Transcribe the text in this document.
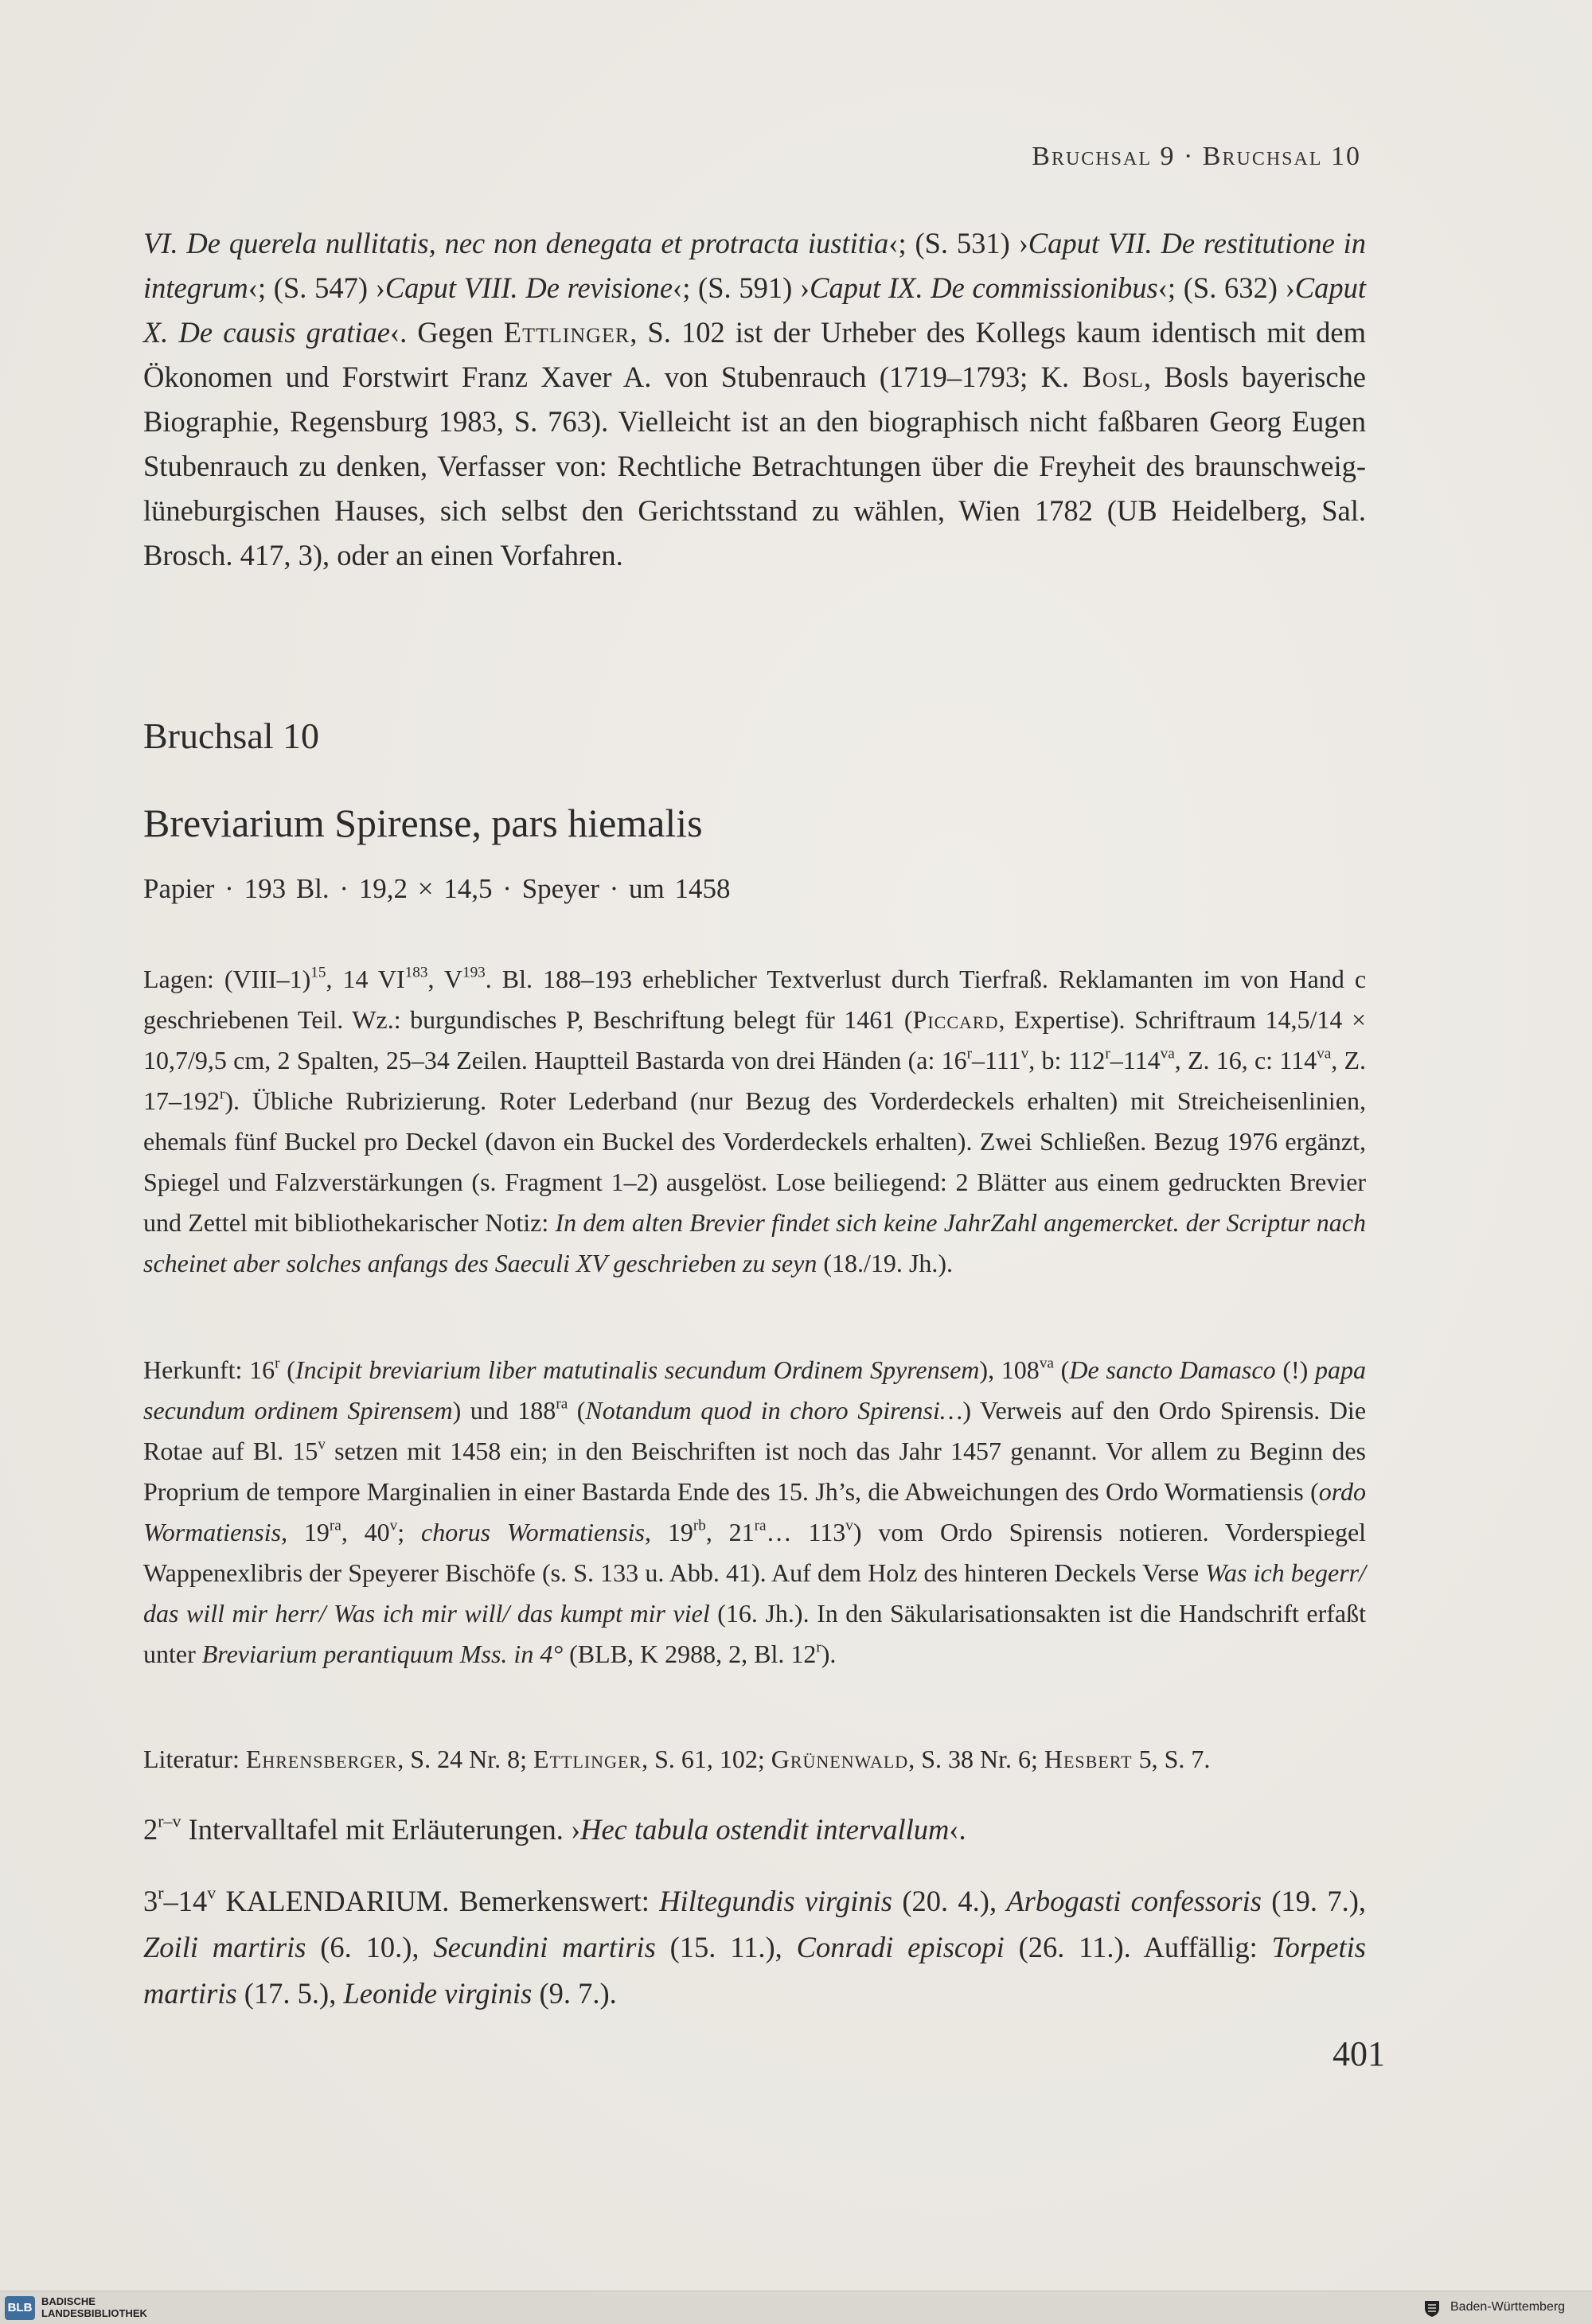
Bruchsal 9 · Bruchsal 10
VI. De querela nullitatis, nec non denegata et protracta iustitia‹; (S. 531) ›Caput VII. De restitutione in integrum‹; (S. 547) ›Caput VIII. De revisione‹; (S. 591) ›Caput IX. De commissionibus‹; (S. 632) ›Caput X. De causis gratiae‹. Gegen Ettlinger, S. 102 ist der Urheber des Kollegs kaum identisch mit dem Ökonomen und Forstwirt Franz Xaver A. von Stubenrauch (1719–1793; K. Bosl, Bosls bayerische Biographie, Regensburg 1983, S. 763). Vielleicht ist an den biographisch nicht faßbaren Georg Eugen Stubenrauch zu denken, Verfasser von: Rechtliche Betrachtungen über die Freyheit des braunschweig-lüneburgischen Hauses, sich selbst den Gerichtsstand zu wählen, Wien 1782 (UB Heidelberg, Sal. Brosch. 417, 3), oder an einen Vorfahren.
Bruchsal 10
Breviarium Spirense, pars hiemalis
Papier · 193 Bl. · 19,2 × 14,5 · Speyer · um 1458
Lagen: (VIII–1)$^{15}$, 14 VI$^{183}$, $V^{193}$. Bl. 188–193 erheblicher Textverlust durch Tierfraß. Reklamanten im von Hand c geschriebenen Teil. Wz.: burgundisches P, Beschriftung belegt für 1461 (Piccard, Expertise). Schriftraum 14,5/14 × 10,7/9,5 cm, 2 Spalten, 25–34 Zeilen. Hauptteil Bastarda von drei Händen (a: 16$^r$–111$^v$, b: $112^r-114^{va}$, Z. 16, c: $114^{va}$, Z. 17–192$^r$). Übliche Rubrizierung. Roter Lederband (nur Bezug des Vorderdeckels erhalten) mit Streicheisenlinien, ehemals fünf Buckel pro Deckel (davon ein Buckel des Vorderdeckels erhalten). Zwei Schließen. Bezug 1976 ergänzt, Spiegel und Falzverstärkungen (s. Fragment 1–2) ausgelöst. Lose beiliegend: 2 Blätter aus einem gedruckten Brevier und Zettel mit bibliothekarischer Notiz: In dem alten Brevier findet sich keine JahrZahl angemercket. der Scriptur nach scheinet aber solches anfangs des Saeculi XV geschrieben zu seyn (18./19. Jh.).
Herkunft: 16$^r$ (Incipit breviarium liber matutinalis secundum Ordinem Spyrensem), $108^{va}$ (De sancto Damasco (!) papa secundum ordinem Spirensem) und $188^{ra}$ (Notandum quod in choro Spirensi…) Verweis auf den Ordo Spirensis. Die Rotae auf Bl. 15$^v$ setzen mit 1458 ein; in den Beischriften ist noch das Jahr 1457 genannt. Vor allem zu Beginn des Proprium de tempore Marginalien in einer Bastarda Ende des 15. Jh’s, die Abweichungen des Ordo Wormatiensis (ordo Wormatiensis, $19^{ra}$, 40$^v$; chorus Wormatiensis, $19^{rb}$, $21^{ra}\dots$ 113$^v$) vom Ordo Spirensis notieren. Vorderspiegel Wappenexlibris der Speyerer Bischöfe (s. S. 133 u. Abb. 41). Auf dem Holz des hinteren Deckels Verse Was ich begerr/ das will mir herr/ Was ich mir will/ das kumpt mir viel (16. Jh.). In den Säkularisationsakten ist die Handschrift erfaßt unter Breviarium perantiquum Mss. in 4° (BLB, K 2988, 2, Bl. 12$^r$).
Literatur: Ehrensberger, S. 24 Nr. 8; Ettlinger, S. 61, 102; Grünenwald, S. 38 Nr. 6; Hesbert 5, S. 7.
2$^{r-v}$ Intervalltafel mit Erläuterungen. ›Hec tabula ostendit intervallum‹.
3$^r$–14$^v$ KALENDARIUM. Bemerkenswert: Hiltegundis virginis (20. 4.), Arbogasti confessoris (19. 7.), Zoili martiris (6. 10.), Secundini martiris (15. 11.), Conradi episcopi (26. 11.). Auffällig: Torpetis martiris (17. 5.), Leonide virginis (9. 7.).
401
BLB BADISCHE
LANDESBIBLIOTHEK	Baden-Württemberg
